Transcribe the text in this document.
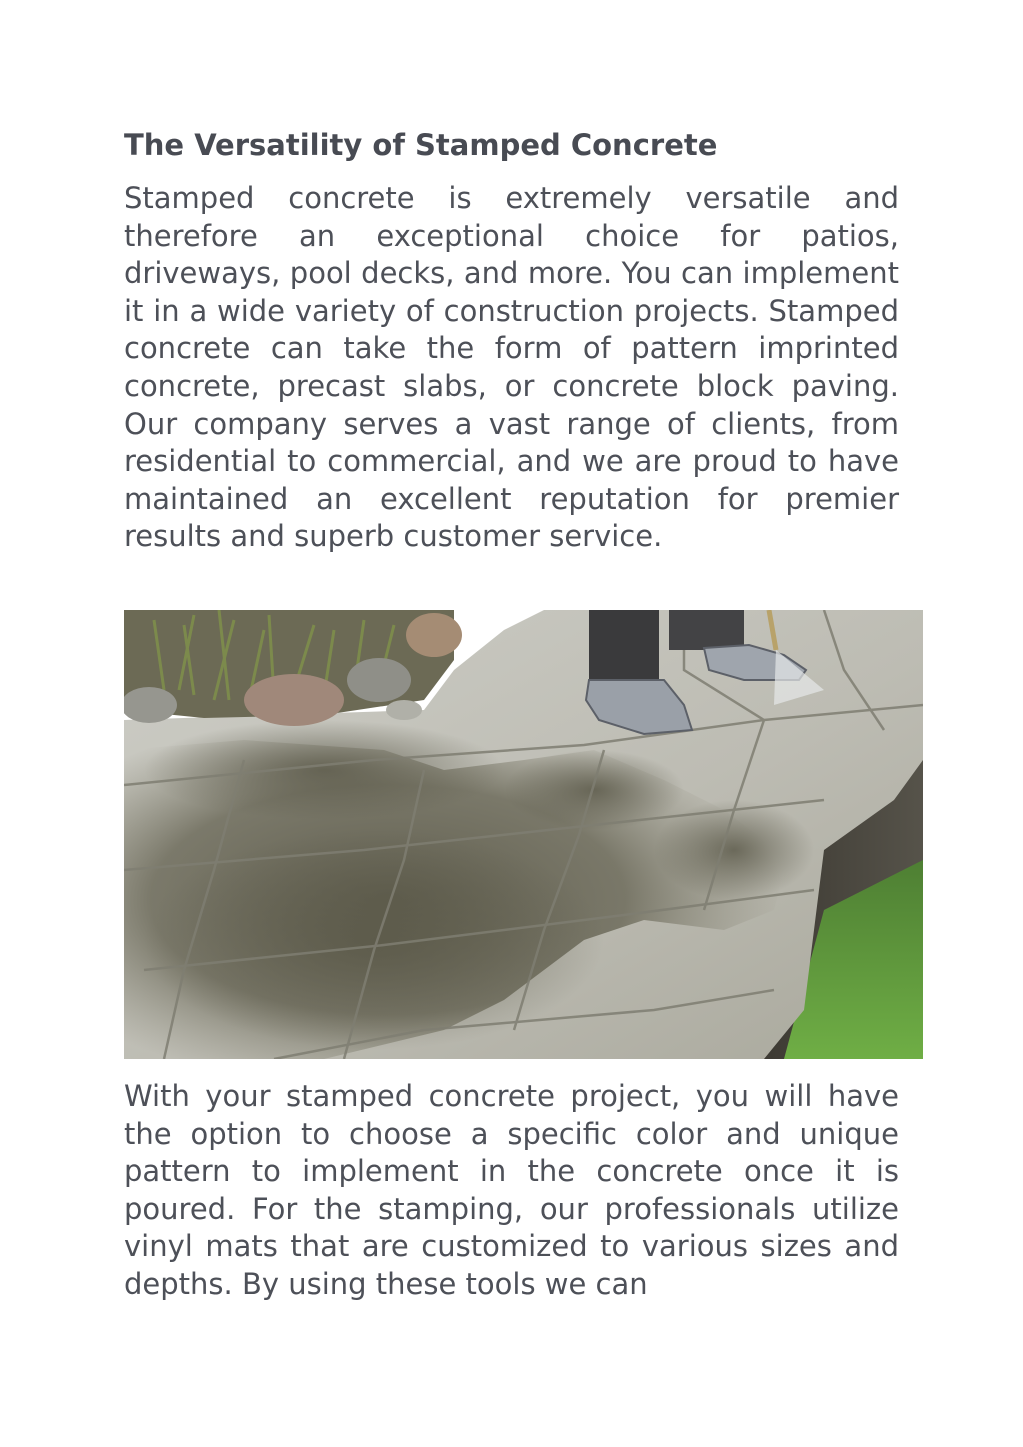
The Versatility of Stamped Concrete

Stamped concrete is extremely versatile and therefore an exceptional choice for patios, driveways, pool decks, and more. You can implement it in a wide variety of construction projects. Stamped concrete can take the form of pattern imprinted concrete, precast slabs, or concrete block paving. Our company serves a vast range of clients, from residential to commercial, and we are proud to have maintained an excellent reputation for premier results and superb customer service.

With your stamped concrete project, you will have the option to choose a specific color and unique pattern to implement in the concrete once it is poured. For the stamping, our professionals utilize vinyl mats that are customized to various sizes and depths. By using these tools we can
